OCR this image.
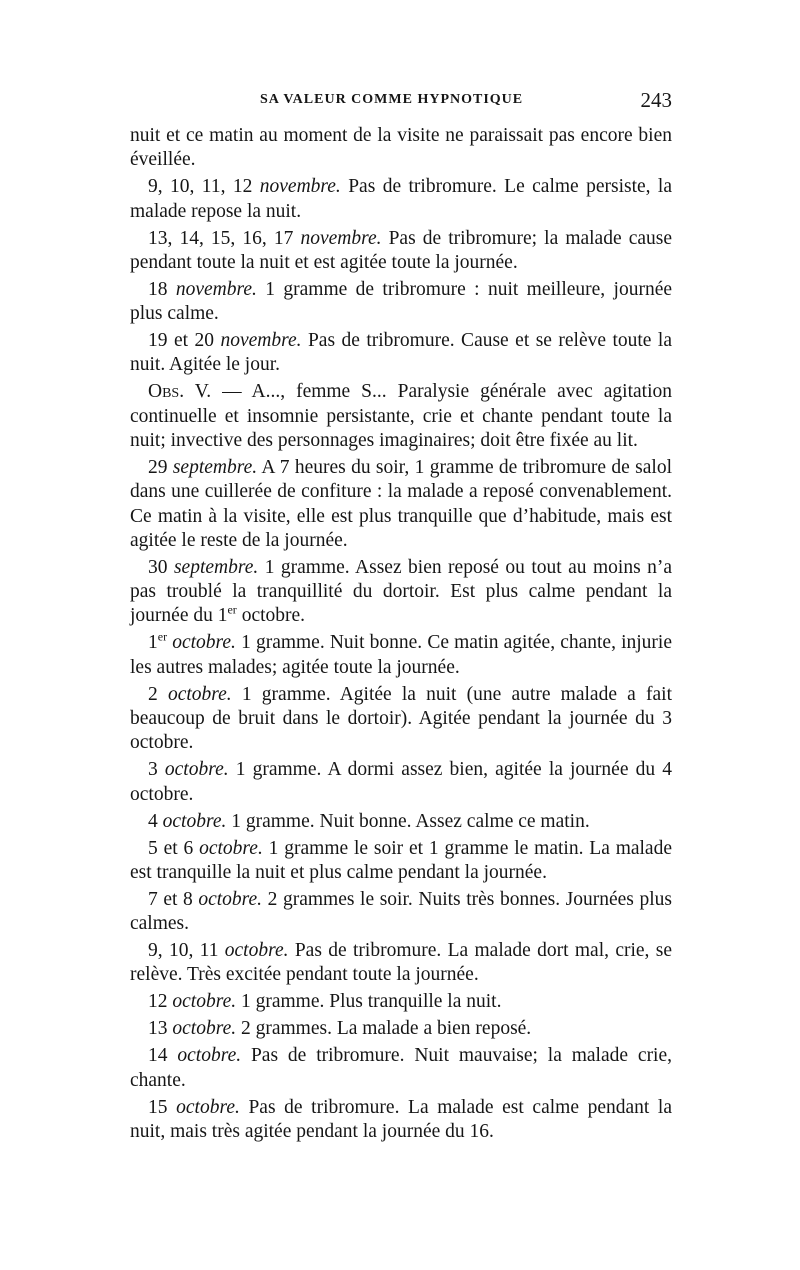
SA VALEUR COMME HYPNOTIQUE	243

nuit et ce matin au moment de la visite ne paraissait pas encore bien éveillée.

9, 10, 11, 12 novembre. Pas de tribromure. Le calme persiste, la malade repose la nuit.

13, 14, 15, 16, 17 novembre. Pas de tribromure; la malade cause pendant toute la nuit et est agitée toute la journée.

18 novembre. 1 gramme de tribromure : nuit meilleure, journée plus calme.

19 et 20 novembre. Pas de tribromure. Cause et se relève toute la nuit. Agitée le jour.

Obs. V. — A..., femme S... Paralysie générale avec agitation continuelle et insomnie persistante, crie et chante pendant toute la nuit; invective des personnages imaginaires; doit être fixée au lit.

29 septembre. A 7 heures du soir, 1 gramme de tribromure de salol dans une cuillerée de confiture : la malade a reposé convenablement. Ce matin à la visite, elle est plus tranquille que d’habitude, mais est agitée le reste de la journée.

30 septembre. 1 gramme. Assez bien reposé ou tout au moins n’a pas troublé la tranquillité du dortoir. Est plus calme pendant la journée du 1er octobre.

1er octobre. 1 gramme. Nuit bonne. Ce matin agitée, chante, injurie les autres malades; agitée toute la journée.

2 octobre. 1 gramme. Agitée la nuit (une autre malade a fait beaucoup de bruit dans le dortoir). Agitée pendant la journée du 3 octobre.

3 octobre. 1 gramme. A dormi assez bien, agitée la journée du 4 octobre.

4 octobre. 1 gramme. Nuit bonne. Assez calme ce matin.

5 et 6 octobre. 1 gramme le soir et 1 gramme le matin. La malade est tranquille la nuit et plus calme pendant la journée.

7 et 8 octobre. 2 grammes le soir. Nuits très bonnes. Journées plus calmes.

9, 10, 11 octobre. Pas de tribromure. La malade dort mal, crie, se relève. Très excitée pendant toute la journée.

12 octobre. 1 gramme. Plus tranquille la nuit.

13 octobre. 2 grammes. La malade a bien reposé.

14 octobre. Pas de tribromure. Nuit mauvaise; la malade crie, chante.

15 octobre. Pas de tribromure. La malade est calme pendant la nuit, mais très agitée pendant la journée du 16.
